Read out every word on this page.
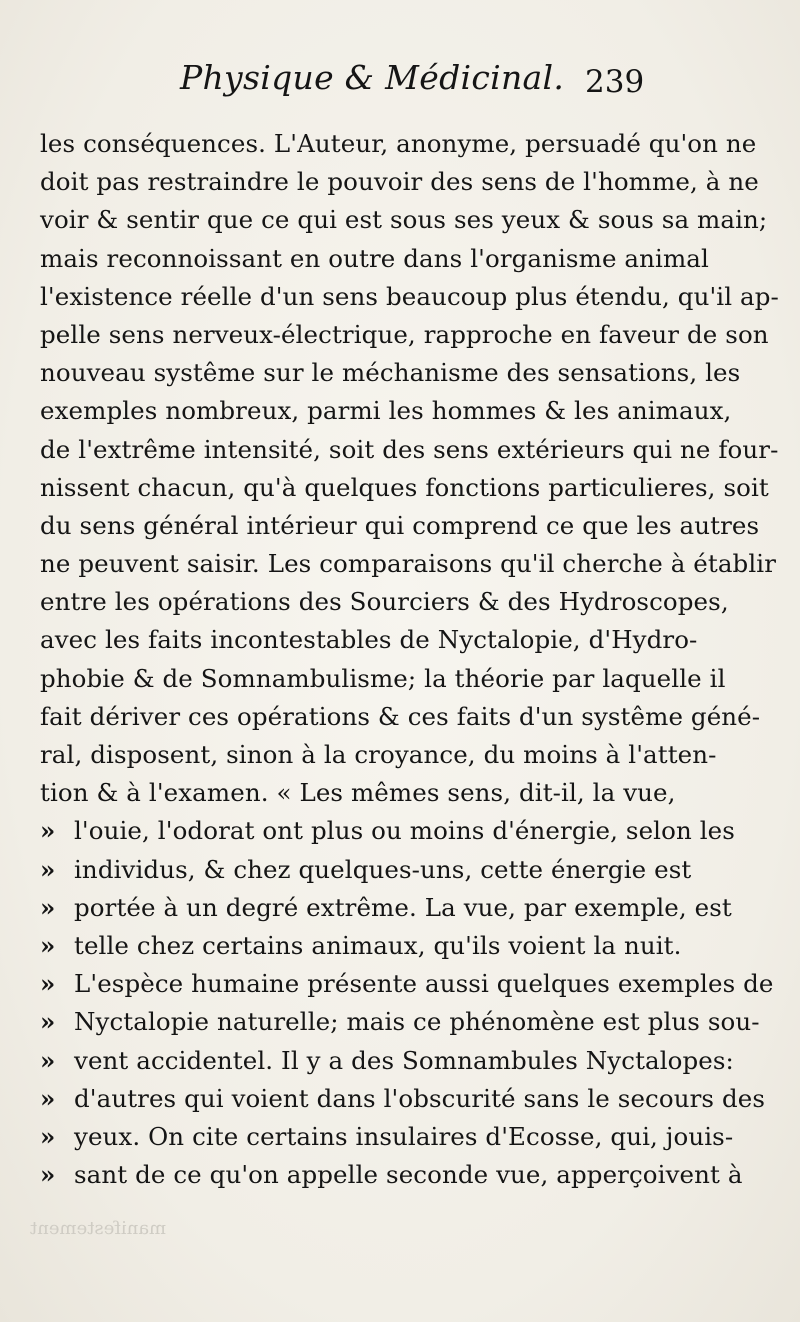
Physique & Médicinal. 239
les conséquences. L'Auteur, anonyme, persuadé qu'on ne
doit pas restraindre le pouvoir des sens de l'homme, à ne
voir & sentir que ce qui est sous ses yeux & sous sa main;
mais reconnoissant en outre dans l'organisme animal
l'existence réelle d'un sens beaucoup plus étendu, qu'il ap-
pelle sens nerveux-électrique, rapproche en faveur de son
nouveau systême sur le méchanisme des sensations, les
exemples nombreux, parmi les hommes & les animaux,
de l'extrême intensité, soit des sens extérieurs qui ne four-
nissent chacun, qu'à quelques fonctions particulieres, soit
du sens général intérieur qui comprend ce que les autres
ne peuvent saisir. Les comparaisons qu'il cherche à établir
entre les opérations des Sourciers & des Hydroscopes,
avec les faits incontestables de Nyctalopie, d'Hydro-
phobie & de Somnambulisme; la théorie par laquelle il
fait dériver ces opérations & ces faits d'un systême géné-
ral, disposent, sinon à la croyance, du moins à l'atten-
tion & à l'examen. « Les mêmes sens, dit-il, la vue,
» l'ouie, l'odorat ont plus ou moins d'énergie, selon les
» individus, & chez quelques-uns, cette énergie est
» portée à un degré extrême. La vue, par exemple, est
» telle chez certains animaux, qu'ils voient la nuit.
» L'espèce humaine présente aussi quelques exemples de
» Nyctalopie naturelle; mais ce phénomène est plus sou-
» vent accidentel. Il y a des Somnambules Nyctalopes:
» d'autres qui voient dans l'obscurité sans le secours des
» yeux. On cite certains insulaires d'Ecosse, qui, jouis-
» sant de ce qu'on appelle seconde vue, apperçoivent à
manifestement
